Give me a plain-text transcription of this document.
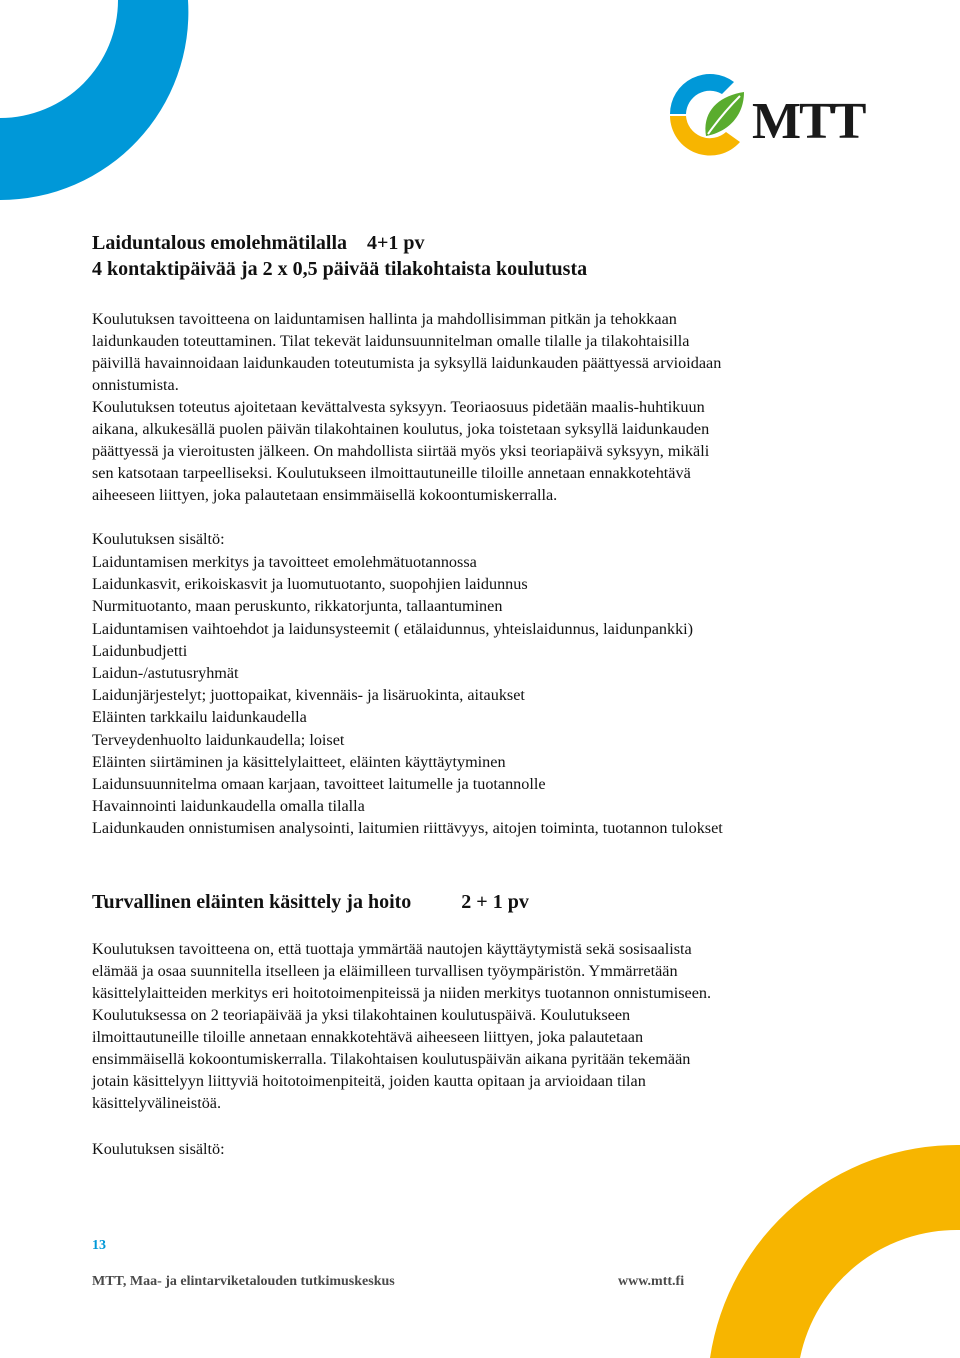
MTT
Laiduntalous emolehmätilalla 4+1 pv
4 kontaktipäivää ja 2 x 0,5 päivää tilakohtaista koulutusta
Koulutuksen tavoitteena on laiduntamisen hallinta ja mahdollisimman pitkän ja tehokkaan
laidunkauden toteuttaminen. Tilat tekevät laidunsuunnitelman omalle tilalle ja tilakohtaisilla
päivillä havainnoidaan laidunkauden toteutumista ja syksyllä laidunkauden päättyessä arvioidaan
onnistumista.
Koulutuksen toteutus ajoitetaan kevättalvesta syksyyn. Teoriaosuus pidetään maalis-huhtikuun
aikana, alkukesällä puolen päivän tilakohtainen koulutus, joka toistetaan syksyllä laidunkauden
päättyessä ja vieroitusten jälkeen. On mahdollista siirtää myös yksi teoriapäivä syksyyn, mikäli
sen katsotaan tarpeelliseksi. Koulutukseen ilmoittautuneille tiloille annetaan ennakkotehtävä
aiheeseen liittyen, joka palautetaan ensimmäisellä kokoontumiskerralla.
Koulutuksen sisältö:
Laiduntamisen merkitys ja tavoitteet emolehmätuotannossa
Laidunkasvit, erikoiskasvit ja luomutuotanto, suopohjien laidunnus
Nurmituotanto, maan peruskunto, rikkatorjunta, tallaantuminen
Laiduntamisen vaihtoehdot ja laidunsysteemit ( etälaidunnus, yhteislaidunnus, laidunpankki)
Laidunbudjetti
Laidun-/astutusryhmät
Laidunjärjestelyt; juottopaikat, kivennäis- ja lisäruokinta, aitaukset
Eläinten tarkkailu laidunkaudella
Terveydenhuolto laidunkaudella; loiset
Eläinten siirtäminen ja käsittelylaitteet, eläinten käyttäytyminen
Laidunsuunnitelma omaan karjaan, tavoitteet laitumelle ja tuotannolle
Havainnointi laidunkaudella omalla tilalla
Laidunkauden onnistumisen analysointi, laitumien riittävyys, aitojen toiminta, tuotannon tulokset
Turvallinen eläinten käsittely ja hoito	2 + 1 pv
Koulutuksen tavoitteena on, että tuottaja ymmärtää nautojen käyttäytymistä sekä sosisaalista
elämää ja osaa suunnitella itselleen ja eläimilleen turvallisen työympäristön. Ymmärretään
käsittelylaitteiden merkitys eri hoitotoimenpiteissä ja niiden merkitys tuotannon onnistumiseen.
Koulutuksessa on 2 teoriapäivää ja yksi tilakohtainen koulutuspäivä. Koulutukseen
ilmoittautuneille tiloille annetaan ennakkotehtävä aiheeseen liittyen, joka palautetaan
ensimmäisellä kokoontumiskerralla. Tilakohtaisen koulutuspäivän aikana pyritään tekemään
jotain käsittelyyn liittyviä hoitotoimenpiteitä, joiden kautta opitaan ja arvioidaan tilan
käsittelyvälineistöä.
Koulutuksen sisältö:
13
MTT, Maa- ja elintarviketalouden tutkimuskeskus	www.mtt.fi
